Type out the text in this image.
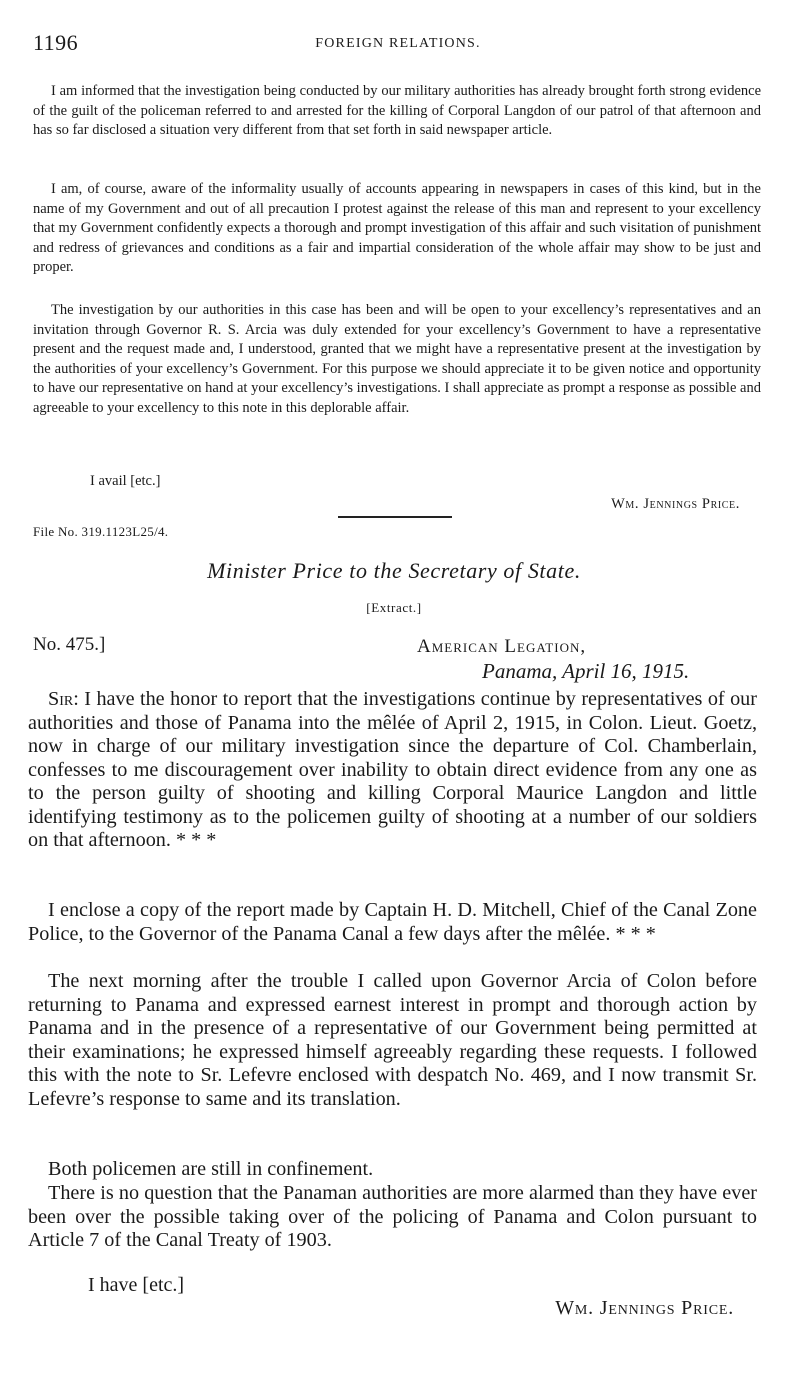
1196	FOREIGN RELATIONS.

I am informed that the investigation being conducted by our military authorities has already brought forth strong evidence of the guilt of the policeman referred to and arrested for the killing of Corporal Langdon of our patrol of that afternoon and has so far disclosed a situation very different from that set forth in said newspaper article.

I am, of course, aware of the informality usually of accounts appearing in newspapers in cases of this kind, but in the name of my Government and out of all precaution I protest against the release of this man and represent to your excellency that my Government confidently expects a thorough and prompt investigation of this affair and such visitation of punishment and redress of grievances and conditions as a fair and impartial consideration of the whole affair may show to be just and proper.

The investigation by our authorities in this case has been and will be open to your excellency’s representatives and an invitation through Governor R. S. Arcia was duly extended for your excellency’s Government to have a representative present and the request made and, I understood, granted that we might have a representative present at the investigation by the authorities of your excellency’s Government. For this purpose we should appreciate it to be given notice and opportunity to have our representative on hand at your excellency’s investigations. I shall appreciate as prompt a response as possible and agreeable to your excellency to this note in this deplorable affair.

I avail [etc.]
Wm. Jennings Price.
File No. 319.1123L25/4.
Minister Price to the Secretary of State.
[Extract.]
No. 475.]	American Legation,
Panama, April 16, 1915.

Sir: I have the honor to report that the investigations continue by representatives of our authorities and those of Panama into the mêlée of April 2, 1915, in Colon. Lieut. Goetz, now in charge of our military investigation since the departure of Col. Chamberlain, confesses to me discouragement over inability to obtain direct evidence from any one as to the person guilty of shooting and killing Corporal Maurice Langdon and little identifying testimony as to the policemen guilty of shooting at a number of our soldiers on that afternoon. * * *

I enclose a copy of the report made by Captain H. D. Mitchell, Chief of the Canal Zone Police, to the Governor of the Panama Canal a few days after the mêlée. * * *

The next morning after the trouble I called upon Governor Arcia of Colon before returning to Panama and expressed earnest interest in prompt and thorough action by Panama and in the presence of a representative of our Government being permitted at their examinations; he expressed himself agreeably regarding these requests. I followed this with the note to Sr. Lefevre enclosed with despatch No. 469, and I now transmit Sr. Lefevre’s response to same and its translation.

Both policemen are still in confinement.

There is no question that the Panaman authorities are more alarmed than they have ever been over the possible taking over of the policing of Panama and Colon pursuant to Article 7 of the Canal Treaty of 1903.

I have [etc.]
Wm. Jennings Price.
